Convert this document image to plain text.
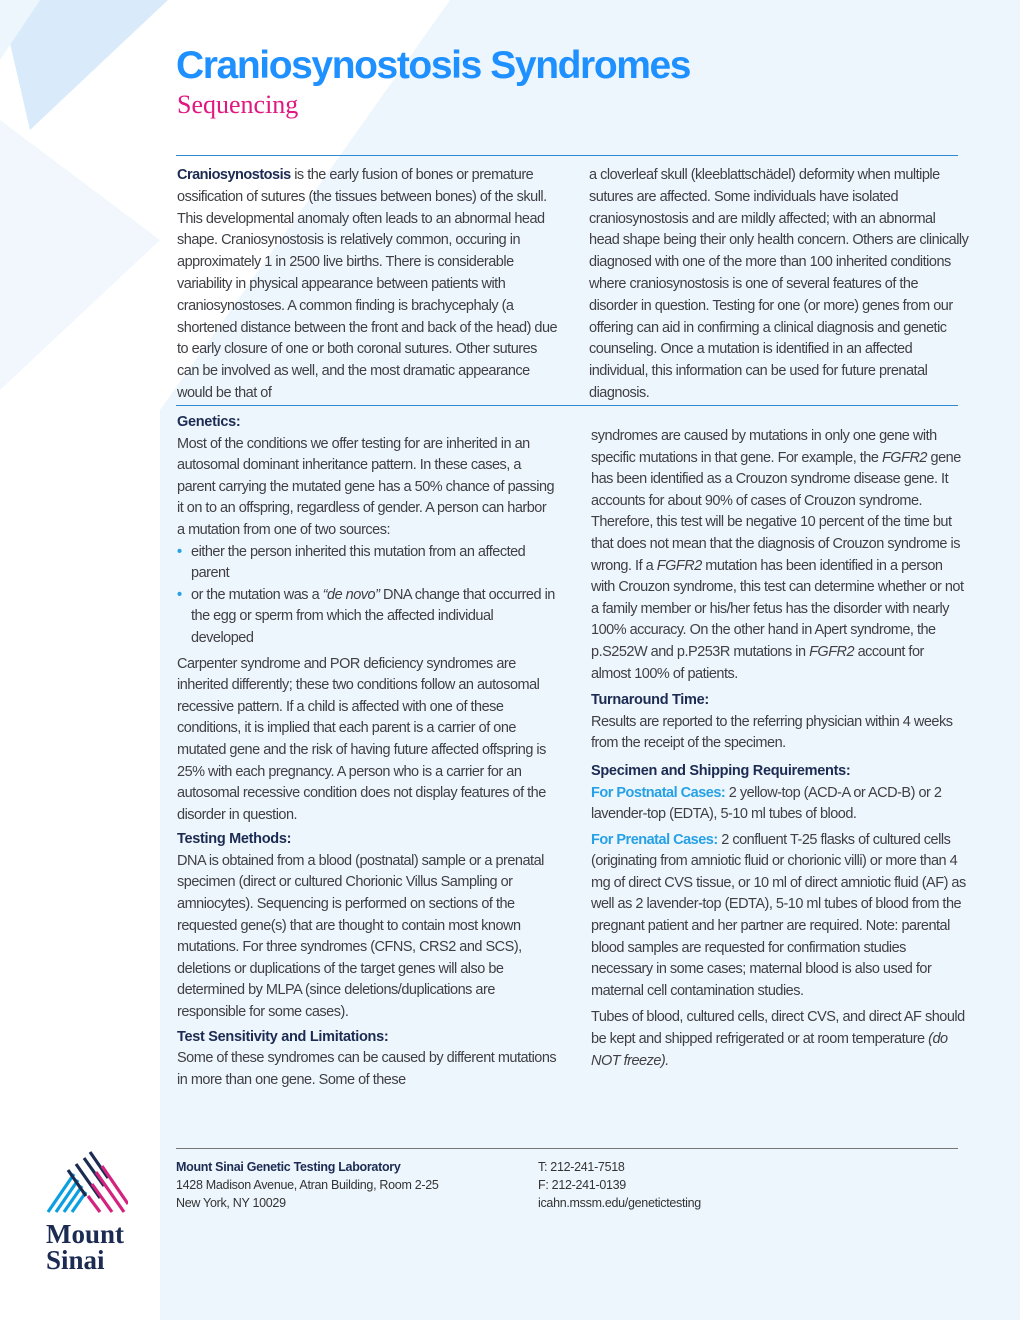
Craniosynostosis Syndromes
Sequencing

Craniosynostosis is the early fusion of bones or premature ossification of sutures (the tissues between bones) of the skull. This developmental anomaly often leads to an abnormal head shape. Craniosynostosis is relatively common, occuring in approximately 1 in 2500 live births. There is considerable variability in physical appearance between patients with craniosynostoses. A common finding is brachycephaly (a shortened distance between the front and back of the head) due to early closure of one or both coronal sutures. Other sutures can be involved as well, and the most dramatic appearance would be that of

a cloverleaf skull (kleeblattschädel) deformity when multiple sutures are affected. Some individuals have isolated craniosynostosis and are mildly affected; with an abnormal head shape being their only health concern. Others are clinically diagnosed with one of the more than 100 inherited conditions where craniosynostosis is one of several features of the disorder in question. Testing for one (or more) genes from our offering can aid in confirming a clinical diagnosis and genetic counseling. Once a mutation is identified in an affected individual, this information can be used for future prenatal diagnosis.

Genetics:

Most of the conditions we offer testing for are inherited in an autosomal dominant inheritance pattern. In these cases, a parent carrying the mutated gene has a 50% chance of passing it on to an offspring, regardless of gender. A person can harbor a mutation from one of two sources:

• either the person inherited this mutation from an affected parent
• or the mutation was a “de novo” DNA change that occurred in the egg or sperm from which the affected individual developed

Carpenter syndrome and POR deficiency syndromes are inherited differently; these two conditions follow an autosomal recessive pattern. If a child is affected with one of these conditions, it is implied that each parent is a carrier of one mutated gene and the risk of having future affected offspring is 25% with each pregnancy. A person who is a carrier for an autosomal recessive condition does not display features of the disorder in question.

Testing Methods:

DNA is obtained from a blood (postnatal) sample or a prenatal specimen (direct or cultured Chorionic Villus Sampling or amniocytes). Sequencing is performed on sections of the requested gene(s) that are thought to contain most known mutations. For three syndromes (CFNS, CRS2 and SCS), deletions or duplications of the target genes will also be determined by MLPA (since deletions/duplications are responsible for some cases).

Test Sensitivity and Limitations:

Some of these syndromes can be caused by different mutations in more than one gene. Some of these

syndromes are caused by mutations in only one gene with specific mutations in that gene. For example, the FGFR2 gene has been identified as a Crouzon syndrome disease gene. It accounts for about 90% of cases of Crouzon syndrome. Therefore, this test will be negative 10 percent of the time but that does not mean that the diagnosis of Crouzon syndrome is wrong. If a FGFR2 mutation has been identified in a person with Crouzon syndrome, this test can determine whether or not a family member or his/her fetus has the disorder with nearly 100% accuracy. On the other hand in Apert syndrome, the p.S252W and p.P253R mutations in FGFR2 account for almost 100% of patients.

Turnaround Time:

Results are reported to the referring physician within 4 weeks from the receipt of the specimen.

Specimen and Shipping Requirements:

For Postnatal Cases: 2 yellow-top (ACD-A or ACD-B) or 2 lavender-top (EDTA), 5-10 ml tubes of blood.

For Prenatal Cases: 2 confluent T-25 flasks of cultured cells (originating from amniotic fluid or chorionic villi) or more than 4 mg of direct CVS tissue, or 10 ml of direct amniotic fluid (AF) as well as 2 lavender-top (EDTA), 5-10 ml tubes of blood from the pregnant patient and her partner are required. Note: parental blood samples are requested for confirmation studies necessary in some cases; maternal blood is also used for maternal cell contamination studies.

Tubes of blood, cultured cells, direct CVS, and direct AF should be kept and shipped refrigerated or at room temperature (do NOT freeze).

Mount
Sinai
Mount Sinai Genetic Testing Laboratory
1428 Madison Avenue, Atran Building, Room 2-25
New York, NY 10029
T: 212-241-7518
F: 212-241-0139
icahn.mssm.edu/genetictesting
